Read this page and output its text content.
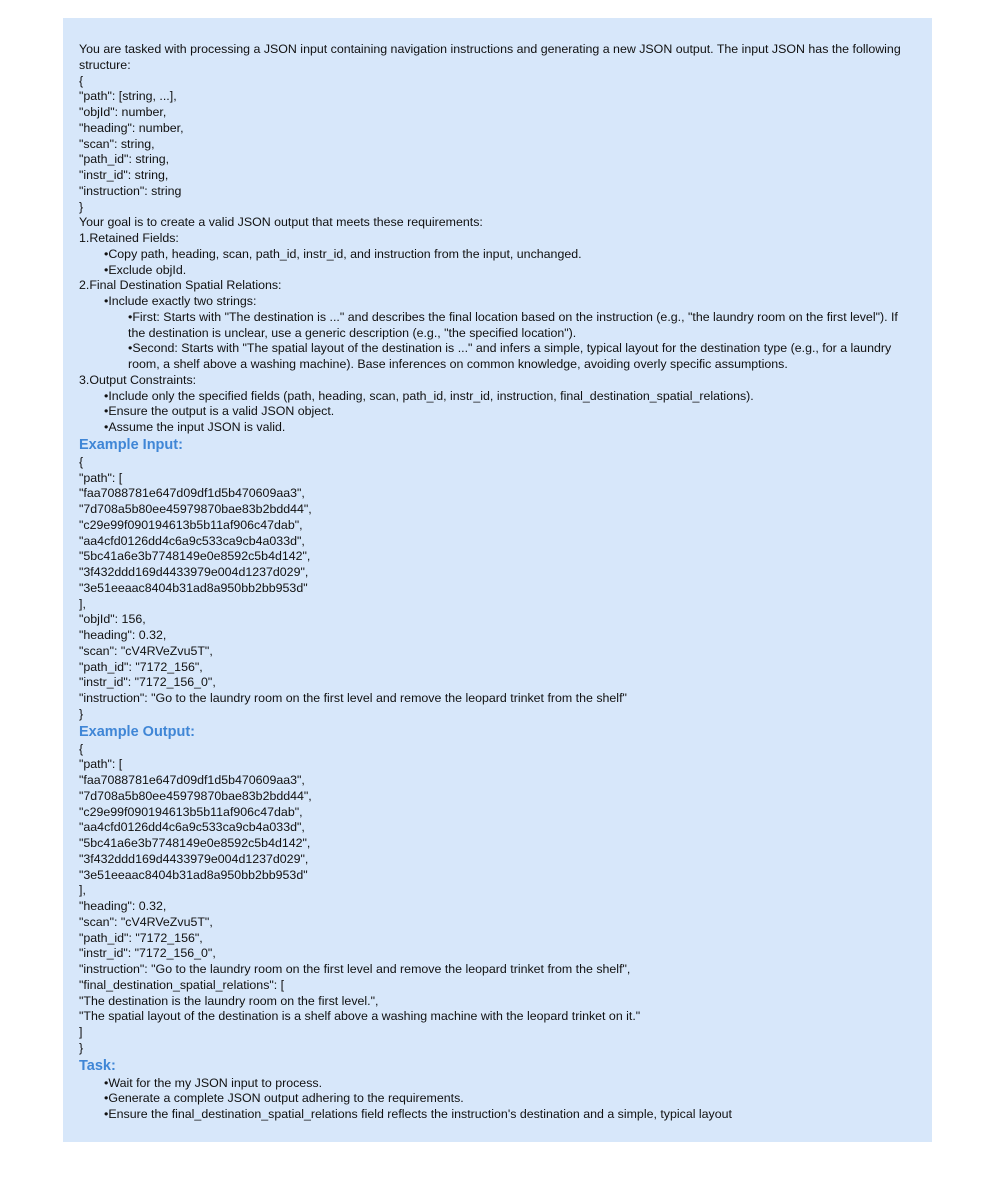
You are tasked with processing a JSON input containing navigation instructions and generating a new JSON output. The input JSON has the following structure:
{
"path": [string, ...],
"objId": number,
"heading": number,
"scan": string,
"path_id": string,
"instr_id": string,
"instruction": string
}
Your goal is to create a valid JSON output that meets these requirements:
1.Retained Fields:
•Copy path, heading, scan, path_id, instr_id, and instruction from the input, unchanged.
•Exclude objId.
2.Final Destination Spatial Relations:
•Include exactly two strings:
•First: Starts with "The destination is ..." and describes the final location based on the instruction (e.g., "the laundry room on the first level"). If the destination is unclear, use a generic description (e.g., "the specified location").
•Second: Starts with "The spatial layout of the destination is ..." and infers a simple, typical layout for the destination type (e.g., for a laundry room, a shelf above a washing machine). Base inferences on common knowledge, avoiding overly specific assumptions.
3.Output Constraints:
•Include only the specified fields (path, heading, scan, path_id, instr_id, instruction, final_destination_spatial_relations).
•Ensure the output is a valid JSON object.
•Assume the input JSON is valid.
Example Input:
{
"path": [
"faa7088781e647d09df1d5b470609aa3",
"7d708a5b80ee45979870bae83b2bdd44",
"c29e99f090194613b5b11af906c47dab",
"aa4cfd0126dd4c6a9c533ca9cb4a033d",
"5bc41a6e3b7748149e0e8592c5b4d142",
"3f432ddd169d4433979e004d1237d029",
"3e51eeaac8404b31ad8a950bb2bb953d"
],
"objId": 156,
"heading": 0.32,
"scan": "cV4RVeZvu5T",
"path_id": "7172_156",
"instr_id": "7172_156_0",
"instruction": "Go to the laundry room on the first level and remove the leopard trinket from the shelf"
}
Example Output:
{
"path": [
"faa7088781e647d09df1d5b470609aa3",
"7d708a5b80ee45979870bae83b2bdd44",
"c29e99f090194613b5b11af906c47dab",
"aa4cfd0126dd4c6a9c533ca9cb4a033d",
"5bc41a6e3b7748149e0e8592c5b4d142",
"3f432ddd169d4433979e004d1237d029",
"3e51eeaac8404b31ad8a950bb2bb953d"
],
"heading": 0.32,
"scan": "cV4RVeZvu5T",
"path_id": "7172_156",
"instr_id": "7172_156_0",
"instruction": "Go to the laundry room on the first level and remove the leopard trinket from the shelf",
"final_destination_spatial_relations": [
"The destination is the laundry room on the first level.",
"The spatial layout of the destination is a shelf above a washing machine with the leopard trinket on it."
]
}
Task:
•Wait for the my JSON input to process.
•Generate a complete JSON output adhering to the requirements.
•Ensure the final_destination_spatial_relations field reflects the instruction's destination and a simple, typical layout
